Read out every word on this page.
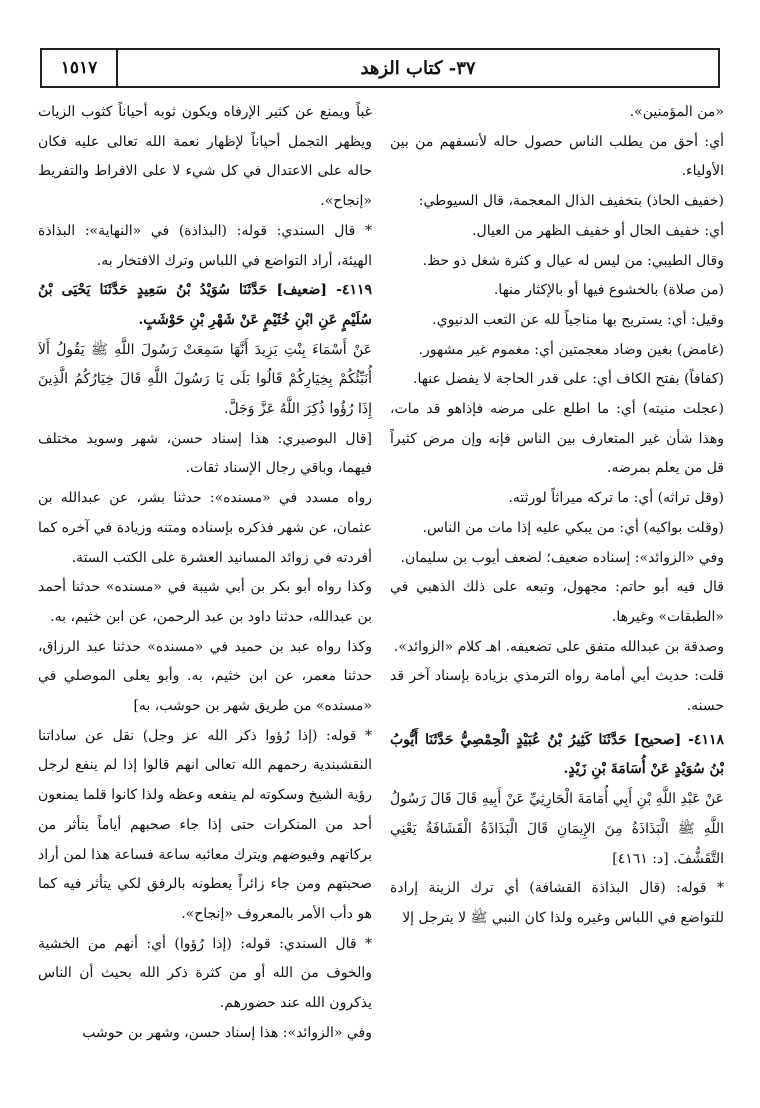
١٥١٧	٣٧- كتاب الزهد

«من المؤمنين».

أي: أحق من يطلب الناس حصول حاله لأنسفهم من بين الأولياء.

(خفيف الحاذ) بتخفيف الذال المعجمة، قال السيوطي:

أي: خفيف الحال أو خفيف الظهر من العيال.

وقال الطيبي: من ليس له عيال و كثرة شغل ذو حظ.

(من صلاة) بالخشوع فيها أو بالإكثار منها.

وقيل: أي: يستريح بها مناجياً لله عن التعب الدنيوي.

(غامض) بغين وضاد معجمتين أي: مغموم غير مشهور.

(كفافاً) بفتح الكاف أي: على قدر الحاجة لا يفضل عنها.

(عجلت منيته) أي: ما اطلع على مرضه فإذاهو قد مات، وهذا شأن غير المتعارف بين الناس فإنه وإن مرض كثيراً قل من يعلم بمرضه.

(وقل تراثه) أي: ما تركه ميراثاً لورثته.

(وقلت بواكيه) أي: من يبكي عليه إذا مات من الناس.

وفي «الزوائد»: إسناده ضعيف؛ لضعف أيوب بن سليمان.

قال فيه أبو حاتم: مجهول، وتبعه على ذلك الذهبي في «الطبقات» وغيرها.

وصدقة بن عبدالله متفق على تضعيفه. اهـ كلام «الزوائد».

قلت: حديث أبي أمامة رواه الترمذي بزيادة بإسناد آخر قد حسنه.

٤١١٨- [صحيح] حَدَّثَنَا كَثِيرُ بْنُ عُبَيْدٍ الْحِمْصِيُّ حَدَّثَنَا أَيُّوبُ بْنُ سُوَيْدٍ عَنْ أُسَامَةَ بْنِ زَيْدٍ.

عَنْ عَبْدِ اللَّهِ بْنِ أَبِي أُمَامَةَ الْحَارِثِيِّ عَنْ أَبِيهِ قَالَ قَالَ رَسُولُ اللَّهِ ﷺ الْبَذَاذَةُ مِنَ الإِيمَانِ قَالَ الْبَذَاذَةُ الْقَشَافَةُ يَعْنِي التَّقَشُّفَ. [د: ٤١٦١]

* قوله: (قال البذاذة القشافة) أي ترك الزينة إرادة للتواضع في اللباس وغيره ولذا كان النبي ﷺ لا يترجل إلا

غباً ويمنع عن كثير الإرفاه ويكون ثوبه أحياناً كثوب الزيات ويظهر التجمل أحياناً لإظهار نعمة الله تعالى عليه فكان حاله على الاعتدال في كل شيء لا على الافراط والتفريط «إنجاح».

* قال السندي: قوله: (البذاذة) في «النهاية»: البذاذة الهيئة، أراد التواضع في اللباس وترك الافتخار به.

٤١١٩- [ضعيف] حَدَّثَنَا سُوَيْدُ بْنُ سَعِيدٍ حَدَّثَنَا يَحْيَى بْنُ سُلَيْمٍ عَنِ ابْنِ خُثَيْمٍ عَنْ شَهْرِ بْنِ حَوْشَبٍ.

عَنْ أَسْمَاءَ بِنْتِ يَزِيدَ أَنَّهَا سَمِعَتْ رَسُولَ اللَّهِ ﷺ يَقُولُ أَلاَ أُنَبِّئُكُمْ بِخِيَارِكُمْ قَالُوا بَلَى يَا رَسُولَ اللَّهِ قَالَ خِيَارُكُمُ الَّذِينَ إِذَا رُؤُوا ذُكِرَ اللَّهُ عَزَّ وَجَلَّ.

[قال البوصيري: هذا إسناد حسن، شهر وسويد مختلف فيهما، وباقي رجال الإسناد ثقات.

رواه مسدد في «مسنده»: حدثنا بشر، عن عبدالله بن عثمان، عن شهر فذكره بإسناده ومتنه وزيادة في آخره كما أفردته في زوائد المسانيد العشرة على الكتب الستة.

وكذا رواه أبو بكر بن أبي شيبة في «مسنده» حدثنا أحمد بن عبدالله، حدثنا داود بن عبد الرحمن، عن ابن خثيم، به.

وكذا رواه عبد بن حميد في «مسنده» حدثنا عبد الرزاق، حدثنا معمر، عن ابن خثيم، به. وأبو يعلى الموصلي في «مسنده» من طريق شهر بن حوشب، به]

* قوله: (إذا رُؤوا ذكر الله عز وجل) نقل عن ساداتنا النقشبندية رحمهم الله تعالى انهم قالوا إذا لم ينفع لرجل رؤية الشيخ وسكوته لم ينفعه وعظه ولذا كانوا قلما يمنعون أحد من المنكرات حتى إذا جاء صحبهم أياماً يتأثر من بركاتهم وفيوضهم ويترك معائبه ساعة فساعة هذا لمن أراد صحبتهم ومن جاء زائراً يعطونه بالرفق لكي يتأثر فيه كما هو دأب الأمر بالمعروف «إنجاح».

* قال السندي: قوله: (إذا رُؤوا) أي: أنهم من الخشية والخوف من الله أو من كثرة ذكر الله بحيث أن الناس يذكرون الله عند حضورهم.

وفي «الزوائد»: هذا إسناد حسن، وشهر بن حوشب
